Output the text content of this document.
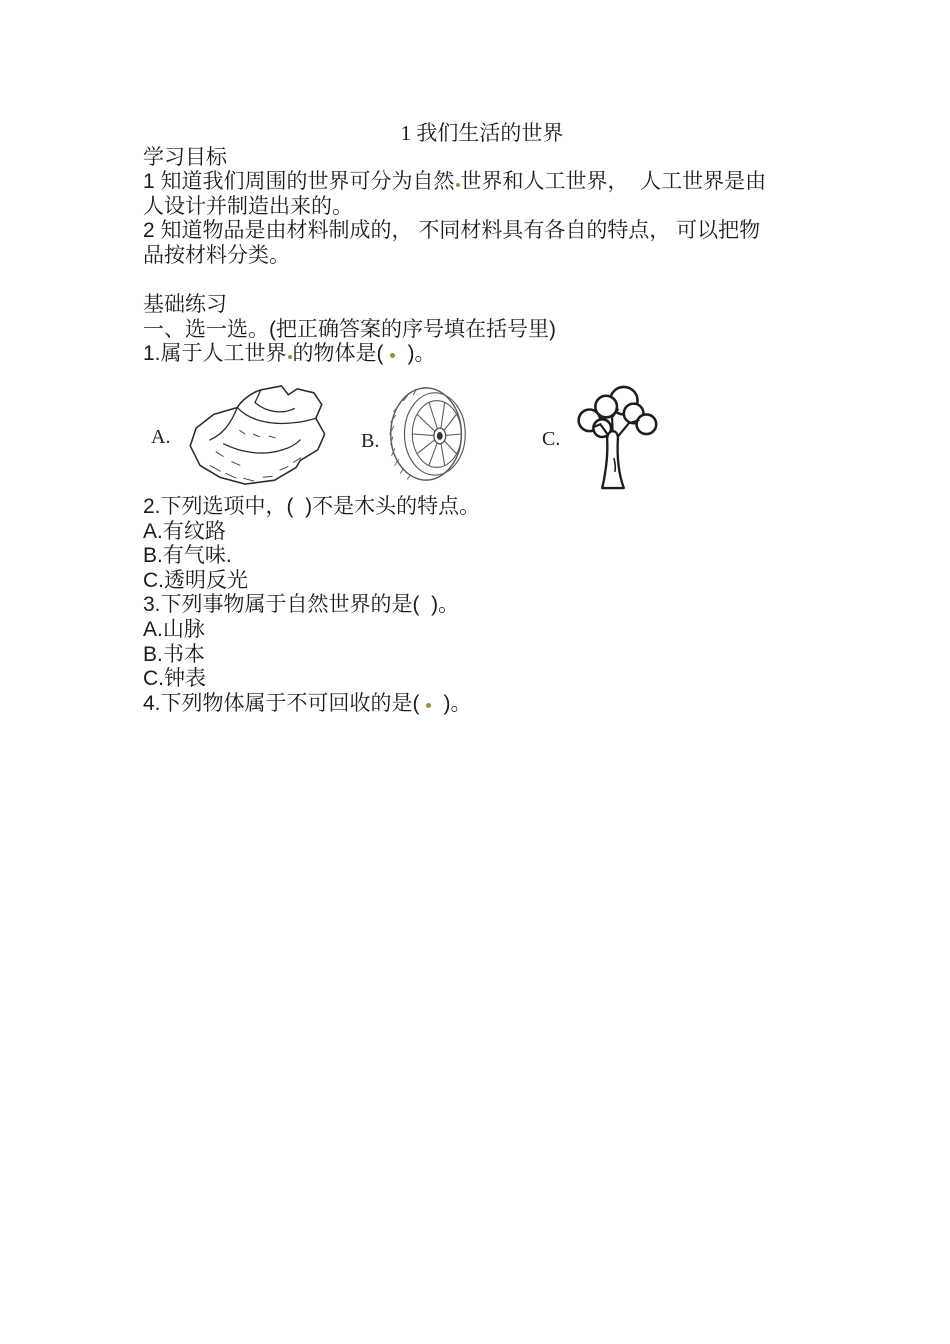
1 我们生活的世界
学习目标
1 知道我们周围的世界可分为自然 世界和人工世界，  人工世界是由
人设计并制造出来的。
2 知道物品是由材料制成的， 不同材料具有各自的特点， 可以把物
品按材料分类。
基础练习
一、选一选。(把正确答案的序号填在括号里)
1.属于人工世界 的物体是( )。
A.	B.	C.
2.下列选项中，(  )不是木头的特点。
A.有纹路
B.有气味.
C.透明反光
3.下列事物属于自然世界的是(  )。
A.山脉
B.书本
C.钟表
4.下列物体属于不可回收的是( )。
